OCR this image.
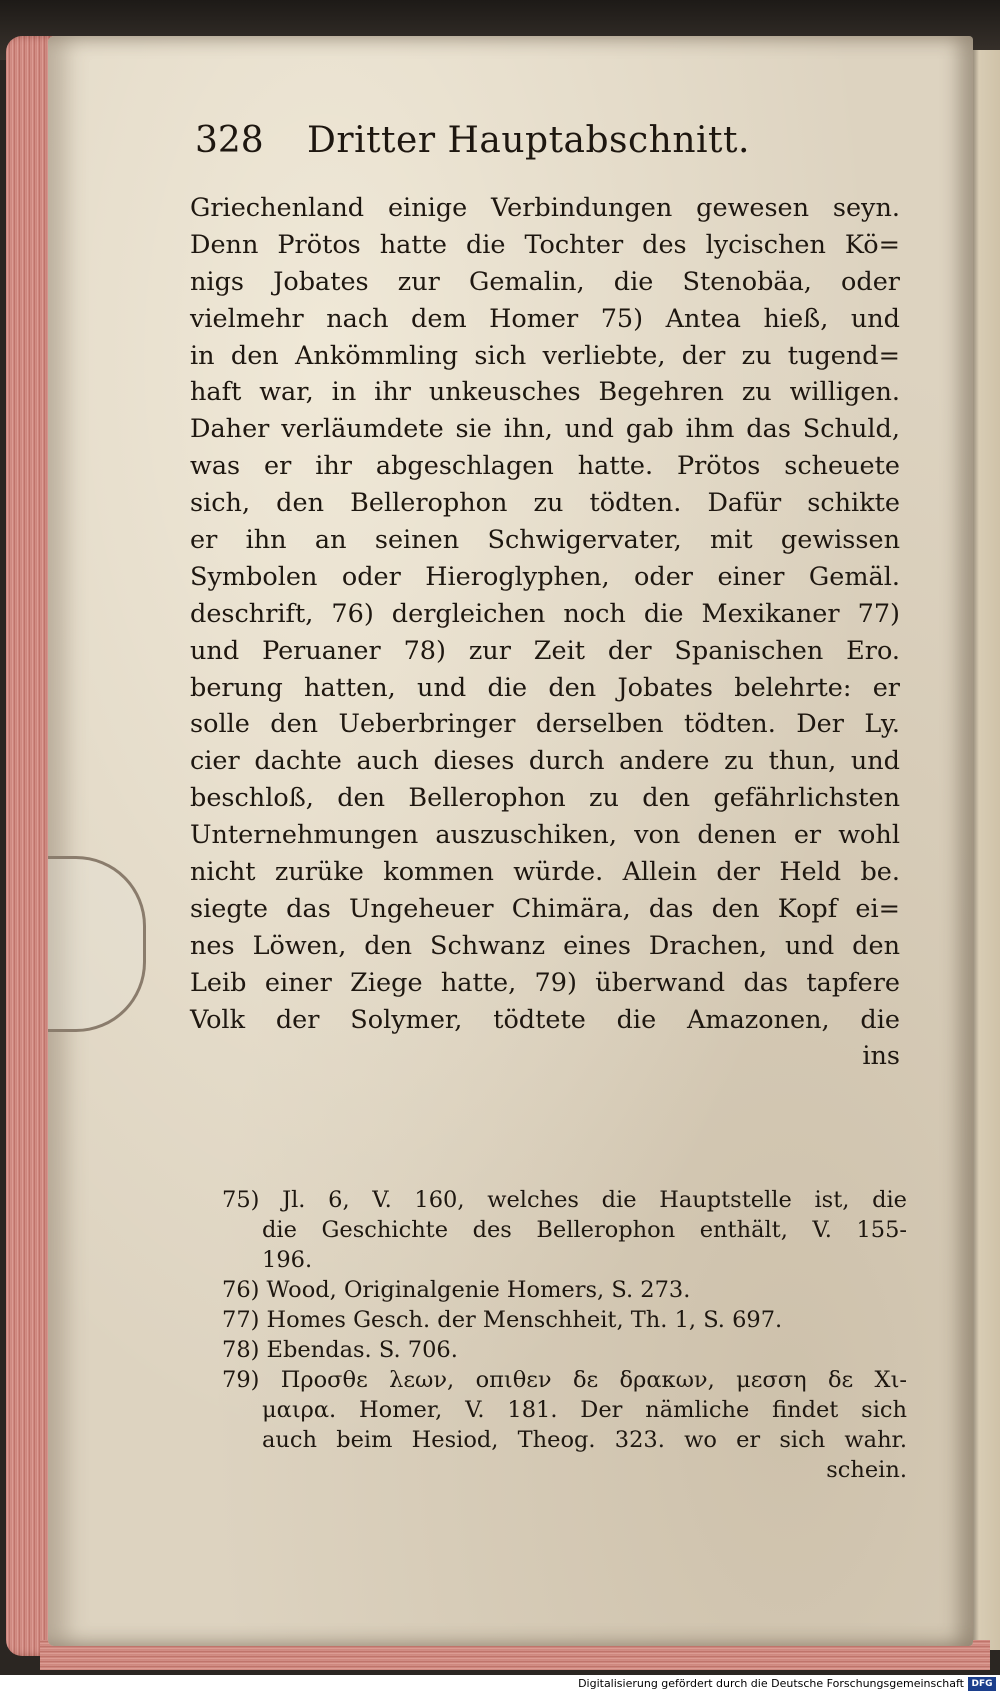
328	Dritter Hauptabschnitt.
Griechenland einige Verbindungen gewesen seyn.
Denn Prötos hatte die Tochter des lycischen Kö=
nigs Jobates zur Gemalin, die Stenobäa, oder
vielmehr nach dem Homer 75) Antea hieß, und
in den Ankömmling sich verliebte, der zu tugend=
haft war, in ihr unkeusches Begehren zu willigen.
Daher verläumdete sie ihn, und gab ihm das Schuld,
was er ihr abgeschlagen hatte. Prötos scheuete
sich, den Bellerophon zu tödten. Dafür schikte
er ihn an seinen Schwigervater, mit gewissen
Symbolen oder Hieroglyphen, oder einer Gemäl.
deschrift, 76) dergleichen noch die Mexikaner 77)
und Peruaner 78) zur Zeit der Spanischen Ero.
berung hatten, und die den Jobates belehrte: er
solle den Ueberbringer derselben tödten. Der Ly.
cier dachte auch dieses durch andere zu thun, und
beschloß, den Bellerophon zu den gefährlichsten
Unternehmungen auszuschiken, von denen er wohl
nicht zurüke kommen würde. Allein der Held be.
siegte das Ungeheuer Chimära, das den Kopf ei=
nes Löwen, den Schwanz eines Drachen, und den
Leib einer Ziege hatte, 79) überwand das tapfere
Volk der Solymer, tödtete die Amazonen, die
ins
75) Jl. 6, V. 160, welches die Hauptstelle ist, die
die Geschichte des Bellerophon enthält, V. 155-
196.
76) Wood, Originalgenie Homers, S. 273.
77) Homes Gesch. der Menschheit, Th. 1, S. 697.
78) Ebendas. S. 706.
79) Προσθε λεων, οπιθεν δε δρακων, μεσση δε Χι-
μαιρα. Homer, V. 181. Der nämliche findet sich
auch beim Hesiod, Theog. 323. wo er sich wahr.
schein.
Digitalisierung gefördert durch die Deutsche Forschungsgemeinschaft DFG
